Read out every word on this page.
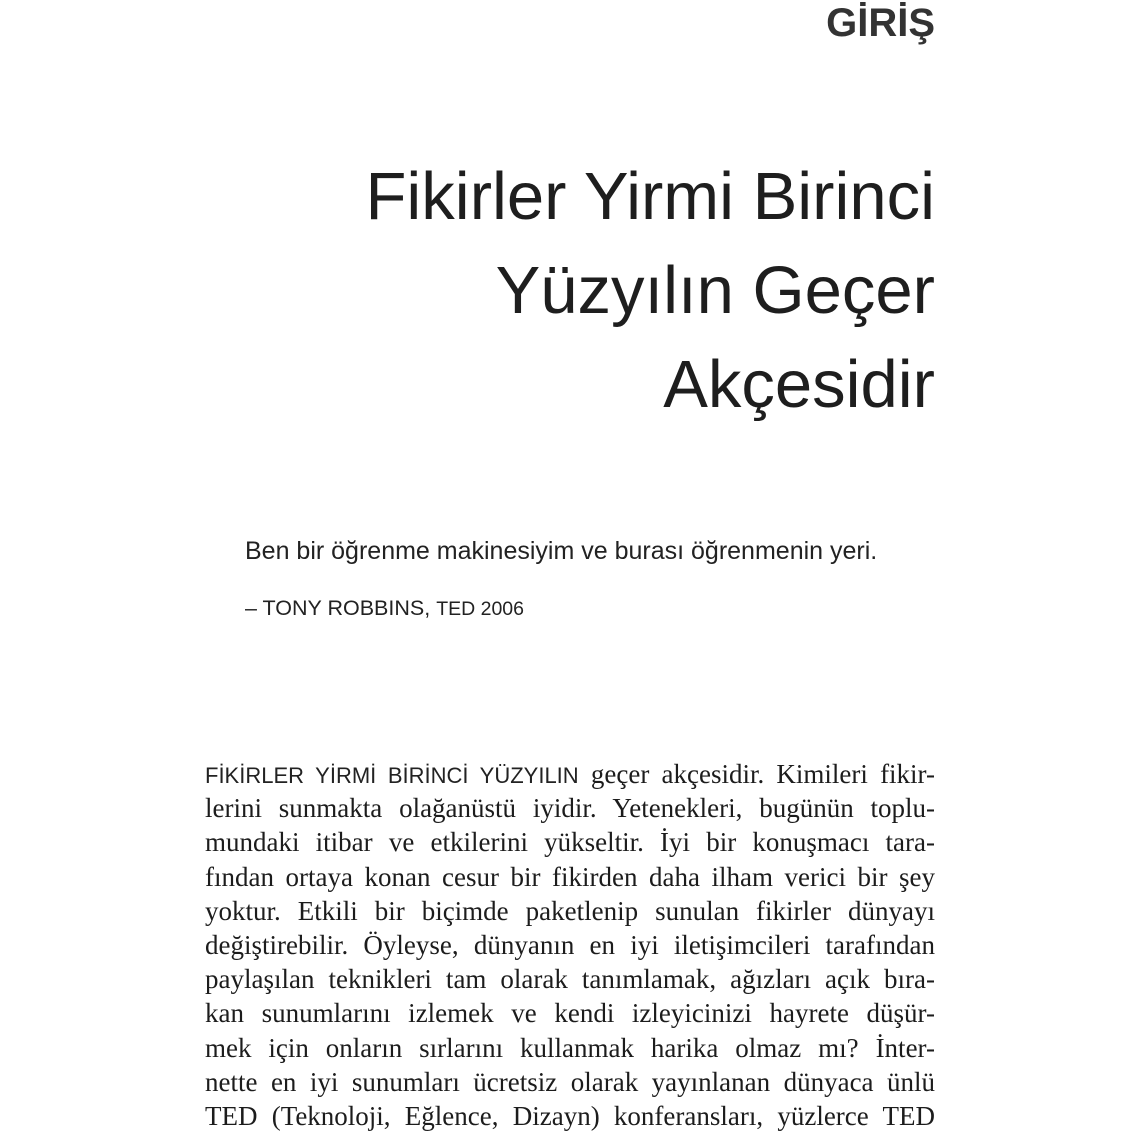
GİRİŞ
Fikirler Yirmi Birinci
Yüzyılın Geçer
Akçesidir
Ben bir öğrenme makinesiyim ve burası öğrenmenin yeri.
– TONY ROBBINS, TED 2006
FİKİRLER YİRMİ BİRİNCİ YÜZYILIN geçer akçesidir. Kimileri fikir-
lerini sunmakta olağanüstü iyidir. Yetenekleri, bugünün toplu-
mundaki itibar ve etkilerini yükseltir. İyi bir konuşmacı tara-
fından ortaya konan cesur bir fikirden daha ilham verici bir şey
yoktur. Etkili bir biçimde paketlenip sunulan fikirler dünyayı
değiştirebilir. Öyleyse, dünyanın en iyi iletişimcileri tarafından
paylaşılan teknikleri tam olarak tanımlamak, ağızları açık bıra-
kan sunumlarını izlemek ve kendi izleyicinizi hayrete düşür-
mek için onların sırlarını kullanmak harika olmaz mı? İnter-
nette en iyi sunumları ücretsiz olarak yayınlanan dünyaca ünlü
TED (Teknoloji, Eğlence, Dizayn) konferansları, yüzlerce TED
